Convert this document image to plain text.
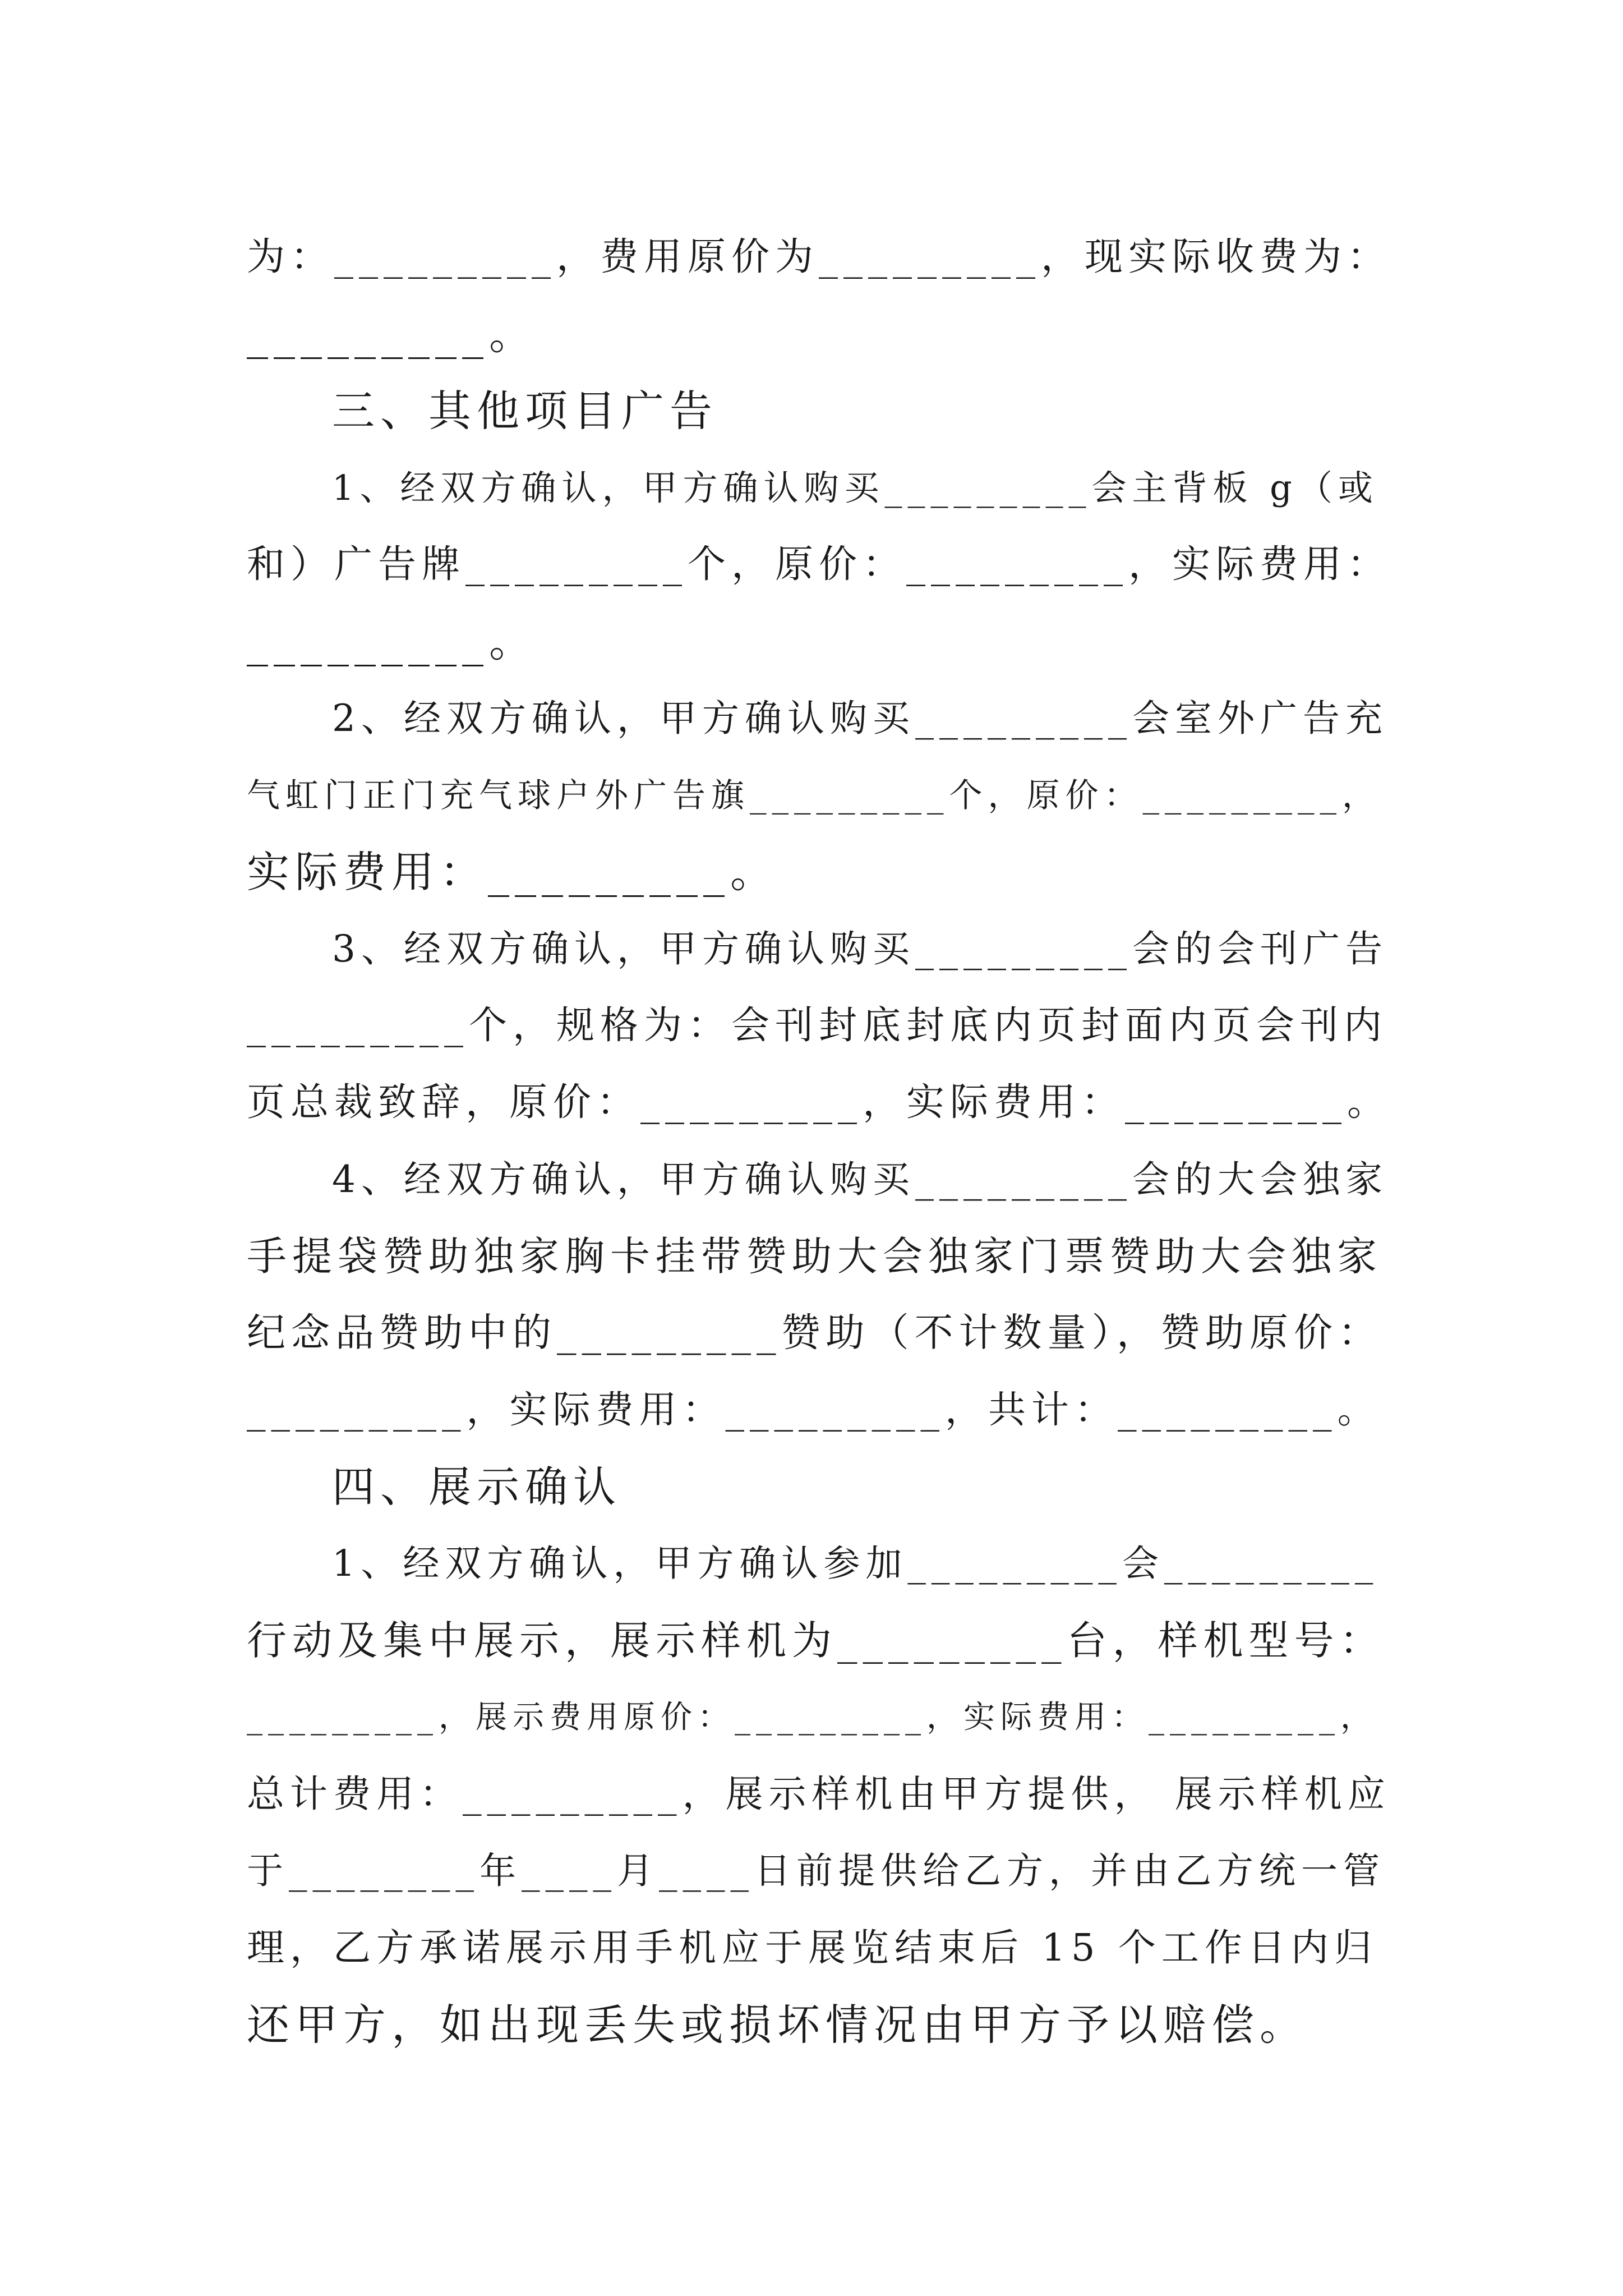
为：_________，费用原价为_________，现实际收费为：
_________。
三、其他项目广告
1、经双方确认，甲方确认购买_________会主背板 g（或
和）广告牌_________个，原价：_________，实际费用：
_________。
2、经双方确认，甲方确认购买_________会室外广告充
气虹门正门充气球户外广告旗_________个，原价：_________，
实际费用：_________。
3、经双方确认，甲方确认购买_________会的会刊广告
_________个，规格为：会刊封底封底内页封面内页会刊内
页总裁致辞，原价：_________，实际费用：_________。
4、经双方确认，甲方确认购买_________会的大会独家
手提袋赞助独家胸卡挂带赞助大会独家门票赞助大会独家
纪念品赞助中的_________赞助（不计数量），赞助原价：
_________，实际费用：_________，共计：_________。
四、展示确认
1、经双方确认，甲方确认参加_________会_________
行动及集中展示，展示样机为_________台，样机型号：
_________，展示费用原价：_________，实际费用：_________，
总计费用：_________，展示样机由甲方提供， 展示样机应
于________年____月____日前提供给乙方，并由乙方统一管
理，乙方承诺展示用手机应于展览结束后 15 个工作日内归
还甲方，如出现丢失或损坏情况由甲方予以赔偿。
